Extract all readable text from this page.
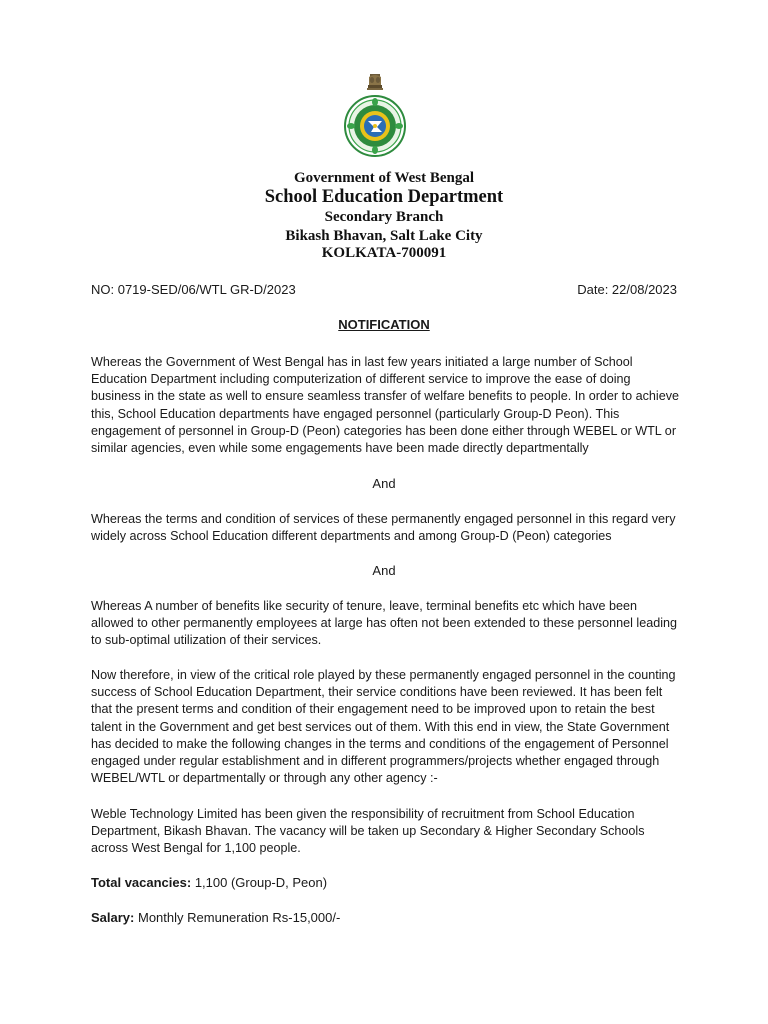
Government of West Bengal
School Education Department
Secondary Branch
Bikash Bhavan, Salt Lake City
KOLKATA-700091
NO: 0719-SED/06/WTL GR-D/2023	Date: 22/08/2023
NOTIFICATION

Whereas the Government of West Bengal has in last few years initiated a large number of School Education Department including computerization of different service to improve the ease of doing business in the state as well to ensure seamless transfer of welfare benefits to people. In order to achieve this, School Education departments have engaged personnel (particularly Group-D Peon). This engagement of personnel in Group-D (Peon) categories has been done either through WEBEL or WTL or similar agencies, even while some engagements have been made directly departmentally

And

Whereas the terms and condition of services of these permanently engaged personnel in this regard very widely across School Education different departments and among Group-D (Peon) categories

And

Whereas A number of benefits like security of tenure, leave, terminal benefits etc which have been allowed to other permanently employees at large has often not been extended to these personnel leading to sub-optimal utilization of their services.

Now therefore, in view of the critical role played by these permanently engaged personnel in the counting success of School Education Department, their service conditions have been reviewed. It has been felt that the present terms and condition of their engagement need to be improved upon to retain the best talent in the Government and get best services out of them. With this end in view, the State Government has decided to make the following changes in the terms and conditions of the engagement of Personnel engaged under regular establishment and in different programmers/projects whether engaged through WEBEL/WTL or departmentally or through any other agency :-

Weble Technology Limited has been given the responsibility of recruitment from School Education Department, Bikash Bhavan. The vacancy will be taken up Secondary & Higher Secondary Schools across West Bengal for 1,100 people.

Total vacancies: 1,100 (Group-D, Peon)
Salary: Monthly Remuneration Rs-15,000/-
